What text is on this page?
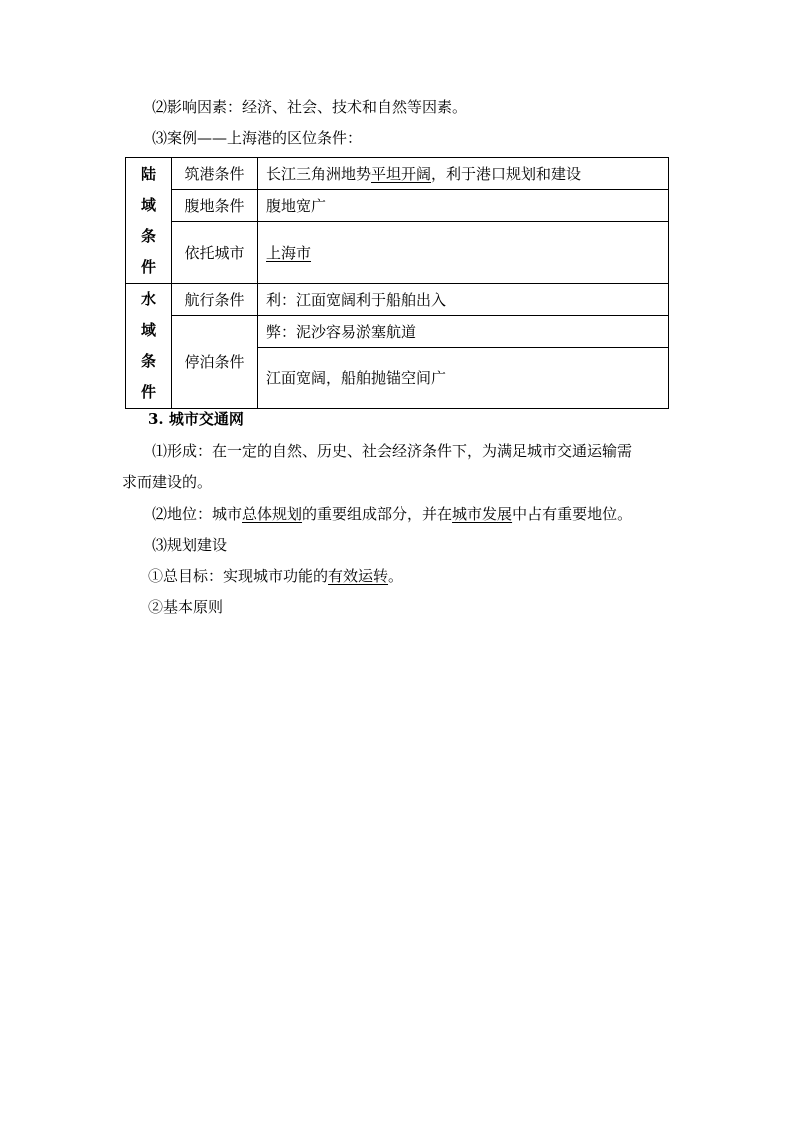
⑵影响因素：经济、社会、技术和自然等因素。
⑶案例——上海港的区位条件：
陆
域
条
件	筑港条件	长江三角洲地势平坦开阔，利于港口规划和建设
	腹地条件	腹地宽广
	依托城市	上海市

水
域
条
件	航行条件	利：江面宽阔利于船舶出入
	停泊条件	弊：泥沙容易淤塞航道
		江面宽阔，船舶抛锚空间广
3. 城市交通网
⑴形成：在一定的自然、历史、社会经济条件下，为满足城市交通运输需
求而建设的。
⑵地位：城市总体规划的重要组成部分，并在城市发展中占有重要地位。
⑶规划建设
①总目标：实现城市功能的有效运转。
②基本原则
